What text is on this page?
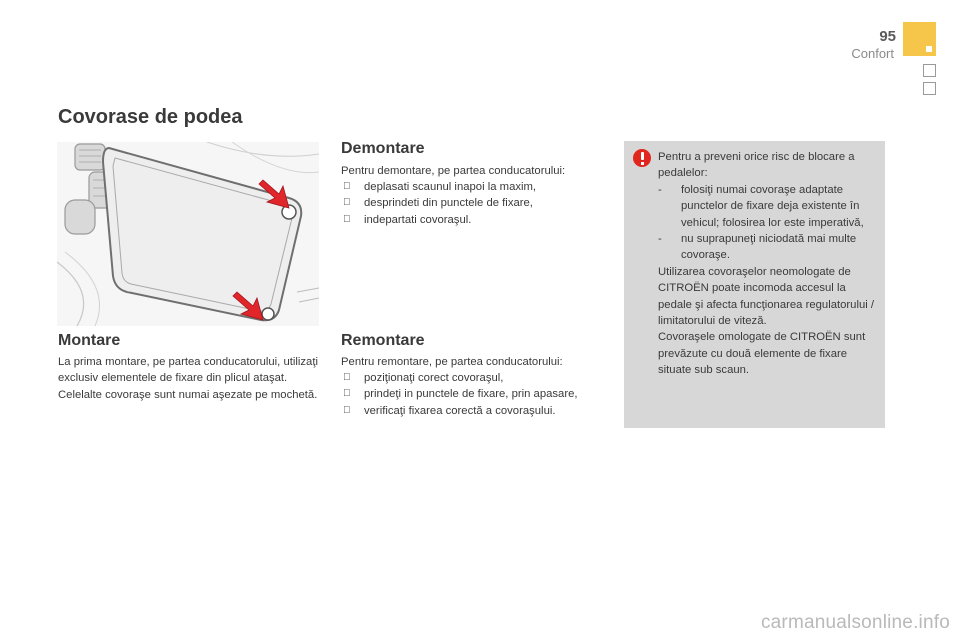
95
Confort
Covorase de podea
Montare

La prima montare, pe partea conducatorului, utilizaţi exclusiv elementele de fixare din plicul ataşat.
Celelalte covoraşe sunt numai aşezate pe mochetă.

Demontare

Pentru demontare, pe partea conducatorului:

deplasati scaunul inapoi la maxim,
desprindeti din punctele de fixare,
indepartati covoraşul.
Remontare

Pentru remontare, pe partea conducatorului:

poziţionaţi corect covoraşul,
prindeţi in punctele de fixare, prin apasare,
verificaţi fixarea corectă a covoraşului.

Pentru a preveni orice risc de blocare a pedalelor:

- folosiţi numai covoraşe adaptate punctelor de fixare deja existente în vehicul; folosirea lor este imperativă,
- nu suprapuneţi niciodată mai multe covoraşe.

Utilizarea covoraşelor neomologate de CITROËN poate incomoda accesul la pedale şi afecta funcţionarea regulatorului / limitatorului de viteză.

Covoraşele omologate de CITROËN sunt prevăzute cu două elemente de fixare situate sub scaun.

carmanualsonline.info
